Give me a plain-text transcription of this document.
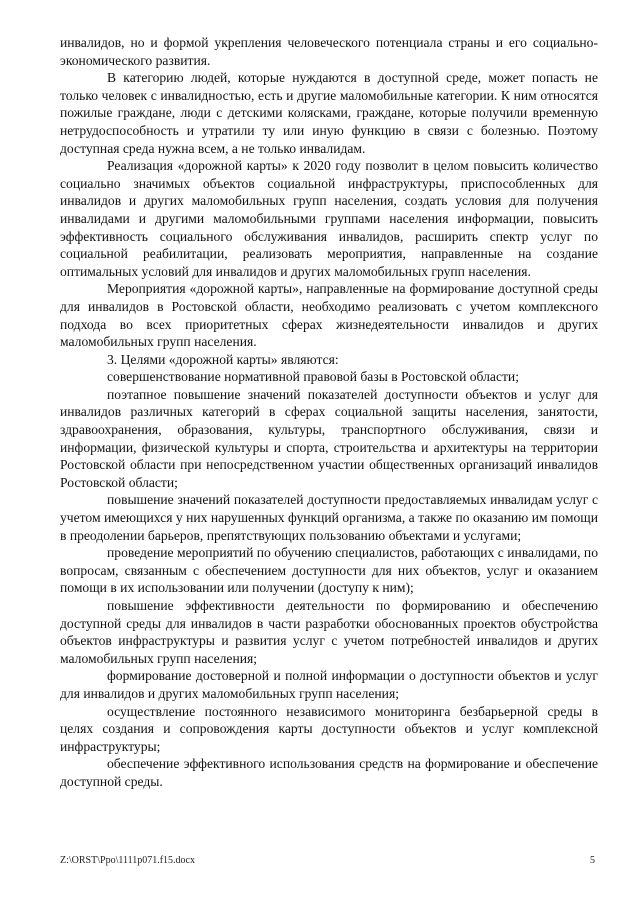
инвалидов, но и формой укрепления человеческого потенциала страны и его социально-экономического развития.

В категорию людей, которые нуждаются в доступной среде, может попасть не только человек с инвалидностью, есть и другие маломобильные категории. К ним относятся пожилые граждане, люди с детскими колясками, граждане, которые получили временную нетрудоспособность и утратили ту или иную функцию в связи с болезнью. Поэтому доступная среда нужна всем, а не только инвалидам.

Реализация «дорожной карты» к 2020 году позволит в целом повысить количество социально значимых объектов социальной инфраструктуры, приспособленных для инвалидов и других маломобильных групп населения, создать условия для получения инвалидами и другими маломобильными группами населения информации, повысить эффективность социального обслуживания инвалидов, расширить спектр услуг по социальной реабилитации, реализовать мероприятия, направленные на создание оптимальных условий для инвалидов и других маломобильных групп населения.

Мероприятия «дорожной карты», направленные на формирование доступной среды для инвалидов в Ростовской области, необходимо реализовать с учетом комплексного подхода во всех приоритетных сферах жизнедеятельности инвалидов и других маломобильных групп населения.

3. Целями «дорожной карты» являются:

совершенствование нормативной правовой базы в Ростовской области;

поэтапное повышение значений показателей доступности объектов и услуг для инвалидов различных категорий в сферах социальной защиты населения, занятости, здравоохранения, образования, культуры, транспортного обслуживания, связи и информации, физической культуры и спорта, строительства и архитектуры на территории Ростовской области при непосредственном участии общественных организаций инвалидов Ростовской области;

повышение значений показателей доступности предоставляемых инвалидам услуг с учетом имеющихся у них нарушенных функций организма, а также по оказанию им помощи в преодолении барьеров, препятствующих пользованию объектами и услугами;

проведение мероприятий по обучению специалистов, работающих с инвалидами, по вопросам, связанным с обеспечением доступности для них объектов, услуг и оказанием помощи в их использовании или получении (доступу к ним);

повышение эффективности деятельности по формированию и обеспечению доступной среды для инвалидов в части разработки обоснованных проектов обустройства объектов инфраструктуры и развития услуг с учетом потребностей инвалидов и других маломобильных групп населения;

формирование достоверной и полной информации о доступности объектов и услуг для инвалидов и других маломобильных групп населения;

осуществление постоянного независимого мониторинга безбарьерной среды в целях создания и сопровождения карты доступности объектов и услуг комплексной инфраструктуры;

обеспечение эффективного использования средств на формирование и обеспечение доступной среды.

Z:\ORST\Ppo\1111p071.f15.docx	5
